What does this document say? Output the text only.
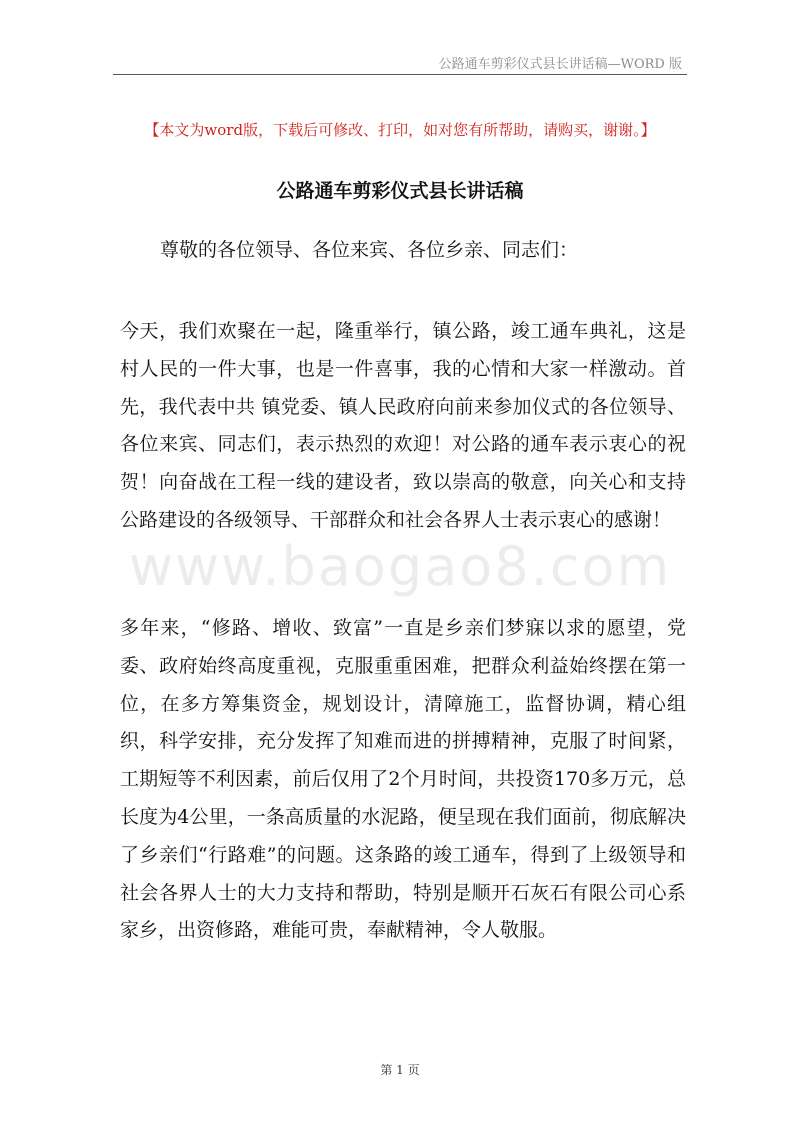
公路通车剪彩仪式县长讲话稿—WORD 版
【本文为word版，下载后可修改、打印，如对您有所帮助，请购买，谢谢。】
公路通车剪彩仪式县长讲话稿
尊敬的各位领导、各位来宾、各位乡亲、同志们：

今天，我们欢聚在一起，隆重举行，镇公路，竣工通车典礼，这是村人民的一件大事，也是一件喜事，我的心情和大家一样激动。首先，我代表中共 镇党委、镇人民政府向前来参加仪式的各位领导、各位来宾、同志们，表示热烈的欢迎！对公路的通车表示衷心的祝贺！向奋战在工程一线的建设者，致以崇高的敬意，向关心和支持公路建设的各级领导、干部群众和社会各界人士表示衷心的感谢！

www.baogao8.com

多年来，“修路、增收、致富”一直是乡亲们梦寐以求的愿望，党委、政府始终高度重视，克服重重困难，把群众利益始终摆在第一位，在多方筹集资金，规划设计，清障施工，监督协调，精心组织，科学安排，充分发挥了知难而进的拼搏精神，克服了时间紧，工期短等不利因素，前后仅用了2个月时间，共投资170多万元，总长度为4公里，一条高质量的水泥路，便呈现在我们面前，彻底解决了乡亲们“行路难”的问题。这条路的竣工通车，得到了上级领导和社会各界人士的大力支持和帮助，特别是顺开石灰石有限公司心系家乡，出资修路，难能可贵，奉献精神，令人敬服。

第 1 页
